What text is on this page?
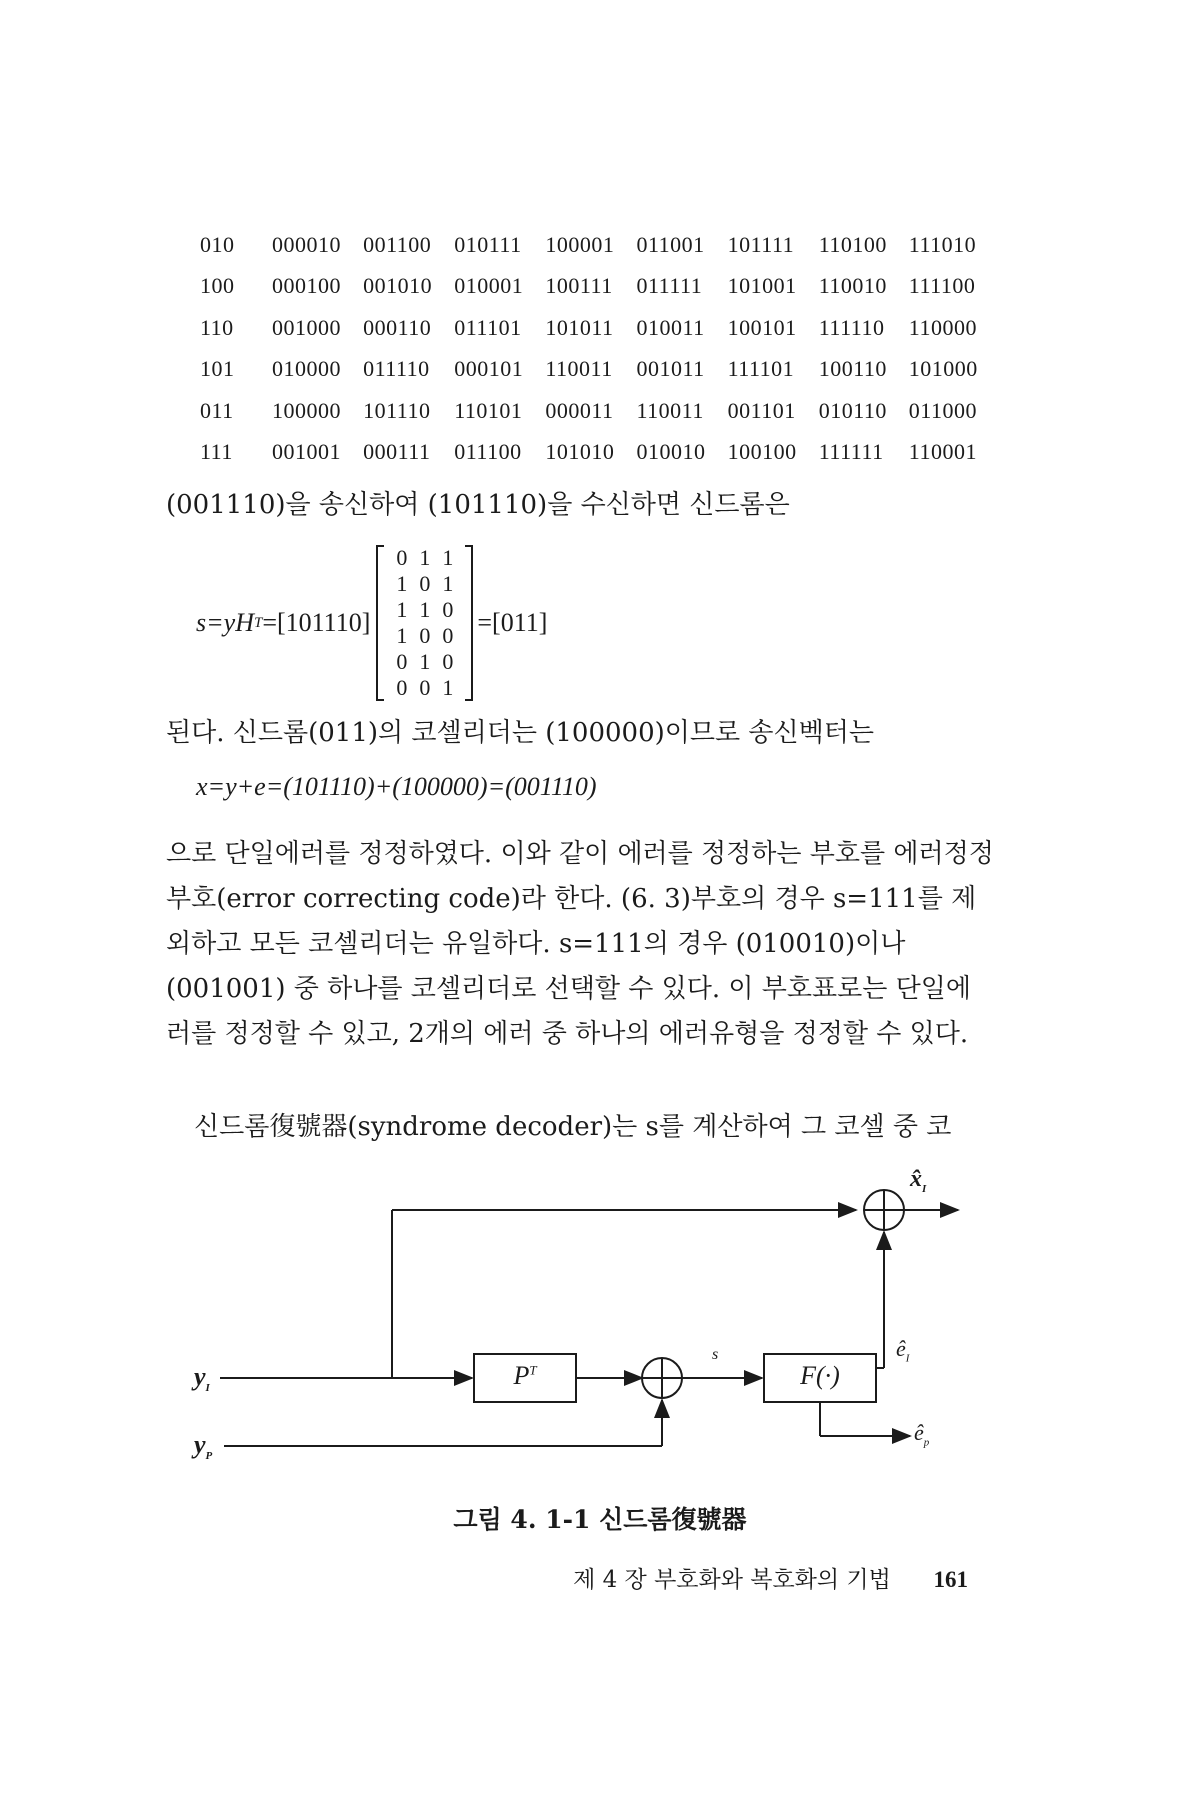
010	000010	001100	010111	100001	011001	101111	110100	111010
100	000100	001010	010001	100111	011111	101001	110010	111100
110	001000	000110	011101	101011	010011	100101	111110	110000
101	010000	011110	000101	110011	001011	111101	100110	101000
011	100000	101110	110101	000011	110011	001101	010110	011000
111	001001	000111	011100	101010	010010	100100	111111	110001
(001110)을 송신하여 (101110)을 수신하면 신드롬은
s=yH T =[101110]
0	1	1
1	0	1
1	1	0
1	0	0
0	1	0
0	0	1
=[011]
된다. 신드롬(011)의 코셀리더는 (100000)이므로 송신벡터는
x=y+e=(101110)+(100000)=(001110)

으로 단일에러를 정정하였다. 이와 같이 에러를 정정하는 부호를 에러정정부호(error correcting code)라 한다. (6. 3)부호의 경우 s=111를 제외하고 모든 코셀리더는 유일하다. s=111의 경우 (010010)이나 (001001) 중 하나를 코셀리더로 선택할 수 있다. 이 부호표로는 단일에러를 정정할 수 있고, 2개의 에러 중 하나의 에러유형을 정정할 수 있다.

신드롬復號器(syndrome decoder)는 s를 계산하여 그 코셀 중 코

$P^T$	F(·)
$y_I$
$y_P$
s	$ê_I$
$ê_p$
$x̂_I$
그림 4. 1-1 신드롬復號器
제 4 장 부호화와 복호화의 기법 161
